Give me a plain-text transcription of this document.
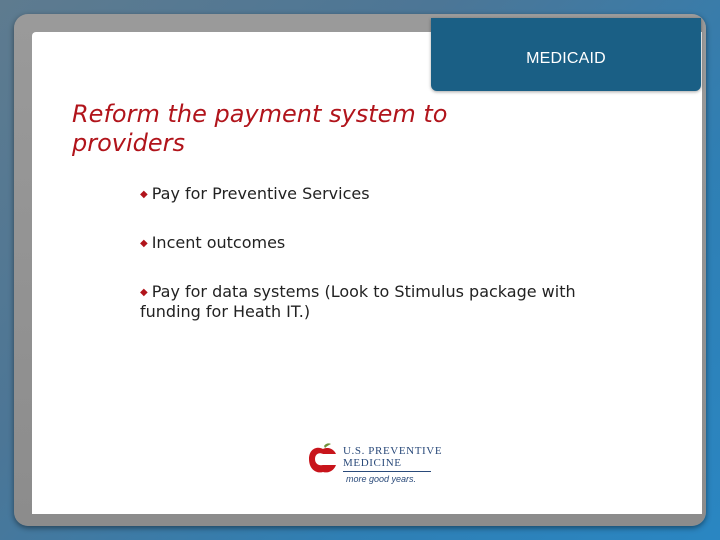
MEDICAID
Reform the payment system to providers
◆ Pay for Preventive Services
◆ Incent outcomes
◆ Pay for data systems (Look to Stimulus package with funding for Heath IT.)
U.S. PREVENTIVE
MEDICINE
more good years.
